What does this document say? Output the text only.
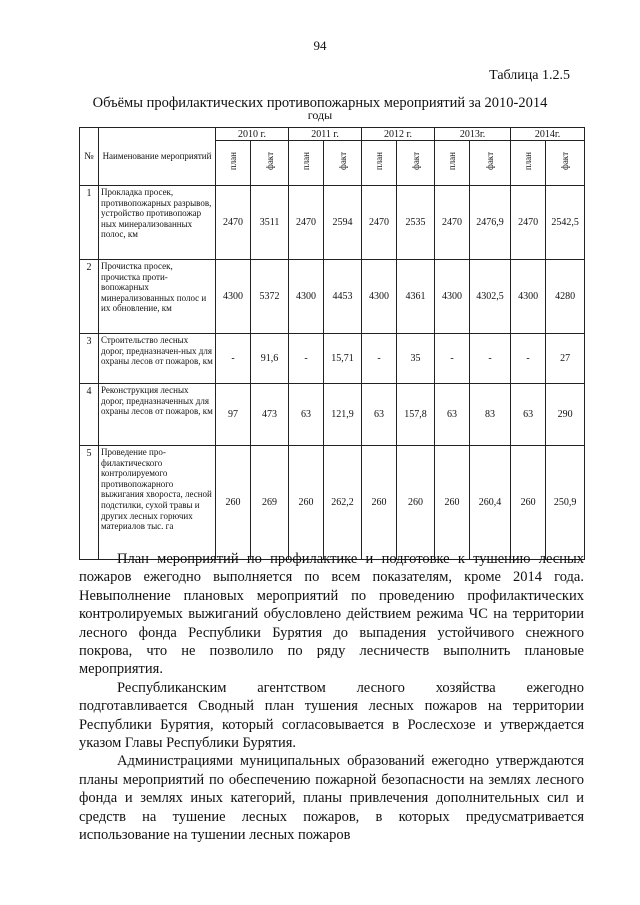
94
Таблица 1.2.5
Объёмы профилактических противопожарных мероприятий за 2010-2014
годы
№	Наименование мероприятий	2010 г.		2011 г.		2012 г.		2013г.		2014г.	
		план	факт	план	факт	план	факт	план	факт	план	факт
1	Прокладка просек, противопожарных разрывов, устройство противопожар ных минерализованных полос, км	2470	3511	2470	2594	2470	2535	2470	2476,9	2470	2542,5
2	Прочистка просек, прочистка проти-вопожарных минерализованных полос и их обновление, км	4300	5372	4300	4453	4300	4361	4300	4302,5	4300	4280
3	Строительство лесных дорог, предназначен-ных для охраны лесов от пожаров, км	-	91,6	-	15,71	-	35	-	-	-	27
4	Реконструкция лесных дорог, предназначенных для охраны лесов от пожаров, км	97	473	63	121,9	63	157,8	63	83	63	290
5	Проведение про-филактического контролируемого противопожарного выжигания хвороста, лесной подстилки, сухой травы и других лесных горючих материалов тыс. га	260	269	260	262,2	260	260	260	260,4	260	250,9

План мероприятий по профилактике и подготовке к тушению лесных пожаров ежегодно выполняется по всем показателям, кроме 2014 года. Невыполнение плановых мероприятий по проведению профилактических контролируемых выжиганий обусловлено действием режима ЧС на территории лесного фонда Республики Бурятия до выпадения устойчивого снежного покрова, что не позволило по ряду лесничеств выполнить плановые мероприятия.

Республиканским агентством лесного хозяйства ежегодно подготавливается Сводный план тушения лесных пожаров на территории Республики Бурятия, который согласовывается в Рослесхозе и утверждается указом Главы Республики Бурятия.

Администрациями муниципальных образований ежегодно утверждаются планы мероприятий по обеспечению пожарной безопасности на землях лесного фонда и землях иных категорий, планы привлечения дополнительных сил и средств на тушение лесных пожаров, в которых предусматривается использование на тушении лесных пожаров
